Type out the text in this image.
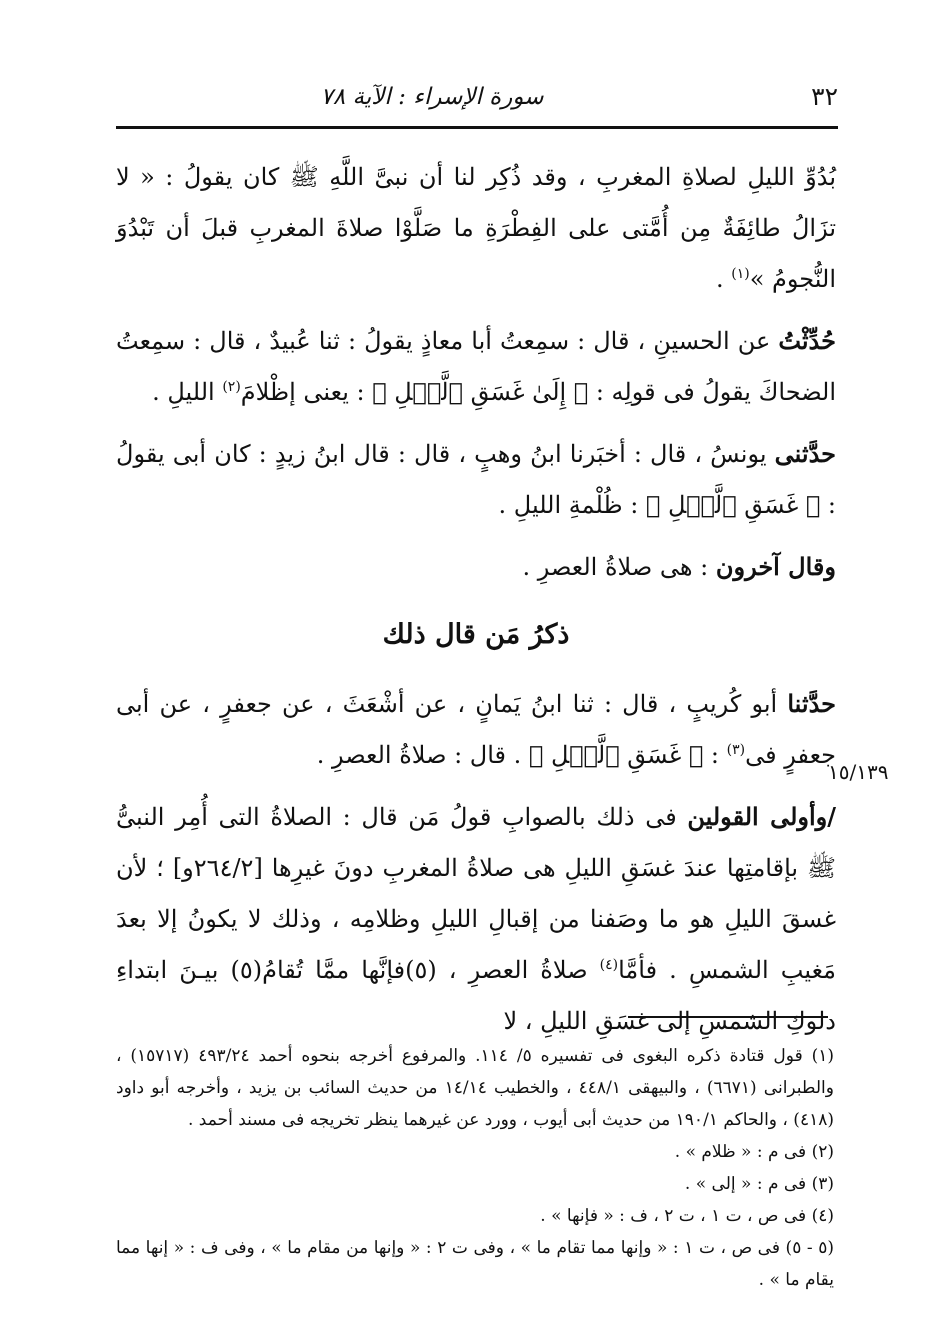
٣٢
سورة الإسراء : الآية ٧٨
١٥/١٣٩

بُدُوِّ الليلِ لصلاةِ المغربِ ، وقد ذُكِر لنا أن نبىَّ اللَّهِ ﷺ كان يقولُ : « لا تزَالُ طائِفَةٌ مِن أُمَّتى على الفِطْرَةِ ما صَلَّوْا صلاةَ المغربِ قبلَ أن تَبْدُوَ النُّجومُ »$^{(١)}$ .

حُدِّثْتُ عن الحسينِ ، قال : سمِعتُ أبا معاذٍ يقولُ : ثنا عُبيدٌ ، قال : سمِعتُ الضحاكَ يقولُ فى قولِه : ﴿ إِلَىٰ غَسَقِ ٱلَّيۡلِ ﴾ : يعنى إظْلامَ$^{(٢)}$ الليلِ .

حدَّثنى يونسُ ، قال : أخبَرنا ابنُ وهبٍ ، قال : قال ابنُ زيدٍ : كان أبى يقولُ : ﴿ غَسَقِ ٱلَّيۡلِ ﴾ : ظُلْمةِ الليلِ .

وقال آخرون : هى صلاةُ العصرِ .

ذكرُ مَن قال ذلك

حدَّثنا أبو كُريبٍ ، قال : ثنا ابنُ يَمانٍ ، عن أشْعَثَ ، عن جعفرٍ ، عن أبى جعفرٍ فى$^{(٣)}$ : ﴿ غَسَقِ ٱلَّيۡلِ ﴾ . قال : صلاةُ العصرِ .

/وأولى القولين فى ذلك بالصوابِ قولُ مَن قال : الصلاةُ التى أُمِر النبىُّ ﷺ بإقامتِها عندَ غسَقِ الليلِ هى صلاةُ المغربِ دونَ غيرِها [٢٦٤/٢و] ؛ لأن غسقَ الليلِ هو ما وصَفنا من إقبالِ الليلِ وظلامِه ، وذلك لا يكونُ إلا بعدَ مَغيبِ الشمسِ . فأمَّا$^{(٤)}$ صلاةُ العصرِ ، (٥)فإنَّها ممَّا تُقامُ(٥) بيـنَ ابتداءِ دلوكِ الشمسِ إلى غسَقِ الليلِ ، لا

(١) قول قتادة ذكره البغوى فى تفسيره ٥/ ١١٤. والمرفوع أخرجه بنحوه أحمد ٤٩٣/٢٤ (١٥٧١٧) ، والطبرانى (٦٦٧١) ، والبيهقى ٤٤٨/١ ، والخطيب ١٤/١٤ من حديث السائب بن يزيد ، وأخرجه أبو داود (٤١٨) ، والحاكم ١٩٠/١ من حديث أبى أيوب ، وورد عن غيرهما ينظر تخريجه فى مسند أحمد .

(٢) فى م : « ظلام » .

(٣) فى م : « إلى » .

(٤) فى ص ، ت ١ ، ت ٢ ، ف : « فإنها » .

(٥ - ٥) فى ص ، ت ١ : « وإنها مما تقام ما » ، وفى ت ٢ : « وإنها من مقام ما » ، وفى ف : « إنها مما يقام ما » .
